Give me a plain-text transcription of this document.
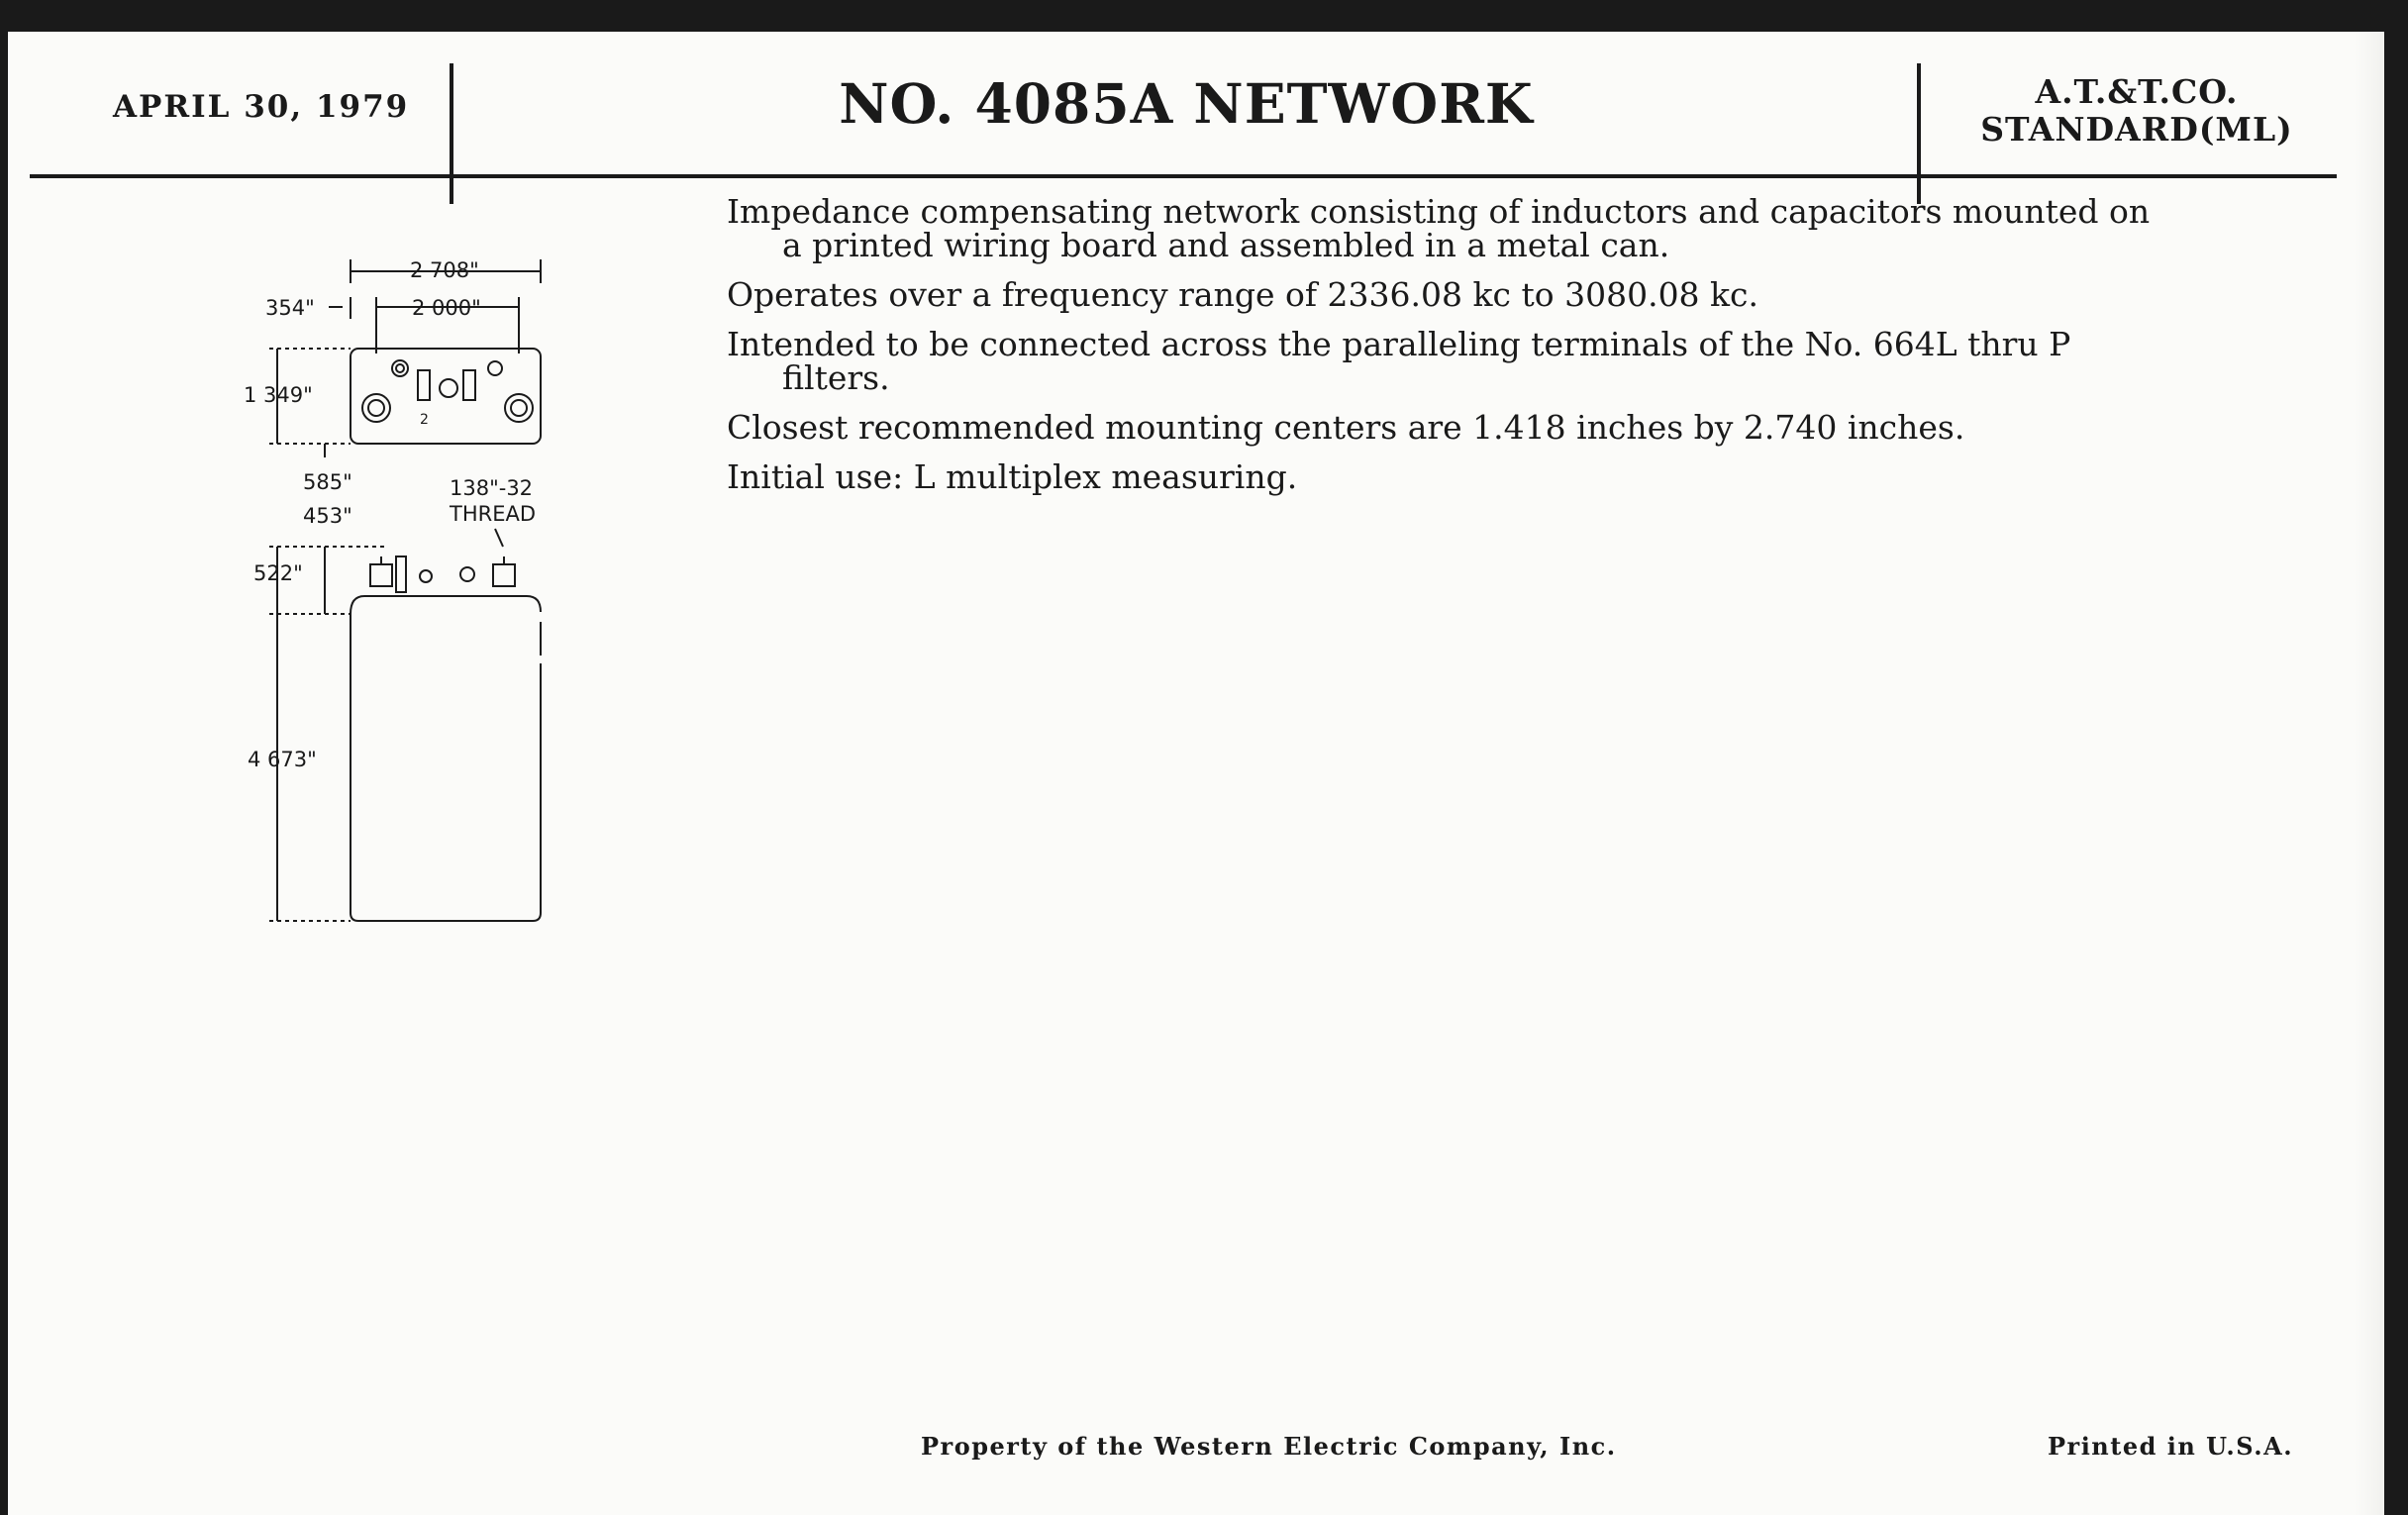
APRIL 30, 1979	NO. 4085A NETWORK	A.T.&T.CO.
STANDARD(ML)

Impedance compensating network consisting of inductors and capacitors mounted on a printed wiring board and assembled in a metal can.

Operates over a frequency range of 2336.08 kc to 3080.08 kc.

Intended to be connected across the paralleling terminals of the No. 664L thru P filters.

Closest recommended mounting centers are 1.418 inches by 2.740 inches.

Initial use: L multiplex measuring.

2 708"
2 000"
354"
1 349"
585"
453"
522"
4 673"
138"-32
THREAD
2
Property of the Western Electric Company, Inc.	Printed in U.S.A.
